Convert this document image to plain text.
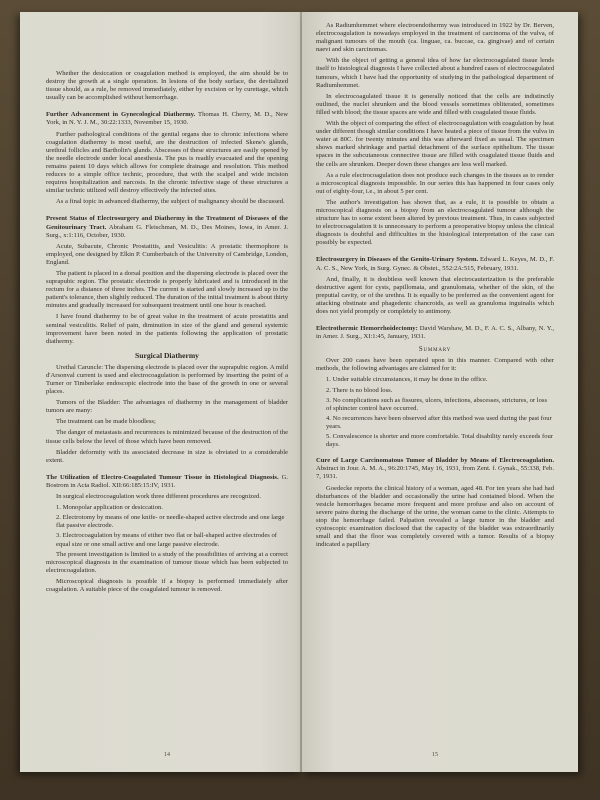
Whether the desiccation or coagulation method is employed, the aim should be to destroy the growth at a single operation. In lesions of the body surface, the devitalized tissue should, as a rule, be removed immediately, either by excision or by curettage, which usually can be accomplished without hemorrhage.

Further Advancement in Gynecological Diathermy. Thomas H. Cherry, M. D., New York, in N. Y. J. M., 30:22:1333, November 15, 1930.

Further pathological conditions of the genital organs due to chronic infections where coagulation diathermy is most useful, are the destruction of infected Skene's glands, urethral follicles and Bartholin's glands. Abscesses of these structures are easily opened by the needle electrode under local anesthesia. The pus is readily evacuated and the opening remains patent 10 days which allows for complete drainage and resolution. This method reduces to a simple office technic, procedure, that with the scalpel and wide incision requires hospitalization and narcosis. In the chronic infective stage of these structures a similar technic utilized will destroy effectively the infected sites.

As a final topic in advanced diathermy, the subject of malignancy should be discussed.

Present Status of Electrosurgery and Diathermy in the Treatment of Diseases of the Genitourinary Tract. Abraham G. Fleischman, M. D., Des Moines, Iowa, in Amer. J. Surg., x:1:116, October, 1930.

Acute, Subacute, Chronic Prostatitis, and Vesiculitis: A prostatic thermophore is employed, one designed by Elkin P. Cumberbatch of the University of Cambridge, London, England.

The patient is placed in a dorsal position and the dispersing electrode is placed over the suprapubic region. The prostatic electrode is properly lubricated and is introduced in the rectum for a distance of three inches. The current is started and slowly increased up to the patient's tolerance, then slightly reduced. The duration of the initial treatment is about thirty minutes and gradually increased for subsequent treatment until one hour is reached.

I have found diathermy to be of great value in the treatment of acute prostatitis and seminal vesiculitis. Relief of pain, diminution in size of the gland and general systemic improvement have been noted in the patients following the application of prostatic diathermy.

Surgical Diathermy

Urethal Caruncle: The dispersing electrode is placed over the suprapubic region. A mild d'Arsonval current is used and electrocoagulation is performed by inserting the point of a Turner or Timberlake endoscopic electrode into the base of the growth in one or several places.

Tumors of the Bladder: The advantages of diathermy in the management of bladder tumors are many:

The treatment can be made bloodless;

The danger of metastasis and recurrences is minimized because of the destruction of the tissue cells below the level of those which have been removed.

Bladder deformity with its associated decrease in size is obviated to a considerable extent.

The Utilization of Electro-Coagulated Tumour Tissue in Histological Diagnosis. G. Bostrom in Acta Radiol. XII:66:185:15:IV, 1931.

In surgical electrocoagulation work three different procedures are recognized.

1. Monopolar application or desiccation.
2. Electrotomy by means of one knife- or needle-shaped active electrode and one large flat passive electrode.
3. Electrocoagulation by means of either two flat or ball-shaped active electrodes of equal size or one small active and one large passive electrode.

The present investigation is limited to a study of the possibilities of arriving at a correct microscopical diagnosis in the examination of tumour tissue which has been subjected to electrocoagulation.

Microscopical diagnosis is possible if a biopsy is performed immediately after coagulation. A suitable piece of the coagulated tumour is removed.

14

As Radiumhemmet where electroendothermy was introduced in 1922 by Dr. Berven, electrocoagulation is nowadays employed in the treatment of carcinoma of the vulva, of malignant tumours of the mouth (ca. linguae, ca. buccae, ca. gingivae) and of certain naevi and skin carcinomas.

With the object of getting a general idea of how far electrocoagulated tissue lends itself to histological diagnosis I have collected about a hundred cases of electrocoagulated tumours, which I have had the opportunity of studying in the pathological department of Radiumhemmet.

In electrocoagulated tissue it is generally noticed that the cells are indistinctly outlined, the nuclei shrunken and the blood vessels sometimes obliterated, sometimes filled with blood; the tissue spaces are wide and filled with coagulated tissue fluids.

With the object of comparing the effect of electrocoagulation with coagulation by heat under different though similar conditions I have heated a piece of tissue from the vulva in water at 80C. for twenty minutes and this was afterward fixed as usual. The specimen shows marked shrinkage and partial detachment of the surface epithelium. The tissue spaces in the subcutaneous connective tissue are filled with coagulated tissue fluids and the cells are shrunken. Deeper down these changes are less well marked.

As a rule electrocoagulation does not produce such changes in the tissues as to render a microscopical diagnosis impossible. In our series this has happened in four cases only out of eighty-four, i.e., in about 5 per cent.

The author's investigation has shown that, as a rule, it is possible to obtain a microscopical diagnosis on a biopsy from an electrocoagulated tumour although the structure has to some extent been altered by previous treatment. Thus, in cases subjected to electrocoagulation it is unnecessary to perform a preoperative biopsy unless the clinical diagnosis is doubtful and difficulties in the histological interpretation of the case can possibly be expected.

Electrosurgery in Diseases of the Genito-Urinary System. Edward L. Keyes, M. D., F. A. C. S., New York, in Surg. Gynec. & Obstet., 552:2A:515, February, 1931.

And, finally, it is doubtless well known that electrocauterization is the preferable destructive agent for cysts, papillomata, and granulomata, whether of the skin, of the preputial cavity, or of the urethra. It is equally to be preferred as the convenient agent for attacking obstinate and phagedenic chancroids, as well as granuloma inguinalis which does not yield promptly or completely to antimony.

Electrothermic Hemorrhoidectomy: David Warshaw, M. D., F. A. C. S., Albany, N. Y., in Amer. J. Surg., XI:1:45, January, 1931.

Summary

Over 200 cases have been operated upon in this manner. Compared with other methods, the following advantages are claimed for it:

1. Under suitable circumstances, it may be done in the office.
2. There is no blood loss.
3. No complications such as fissures, ulcers, infections, abscesses, strictures, or loss of sphincter control have occurred.
4. No recurrences have been observed after this method was used during the past four years.
5. Convalescence is shorter and more comfortable. Total disability rarely exceeds four days.

Cure of Large Carcinomatous Tumor of Bladder by Means of Electrocoagulation. Abstract in Jour. A. M. A., 96:20:1745, May 16, 1931, from Zent. f. Gynak., 55:338, Feb. 7, 1931.

Goedecke reports the clinical history of a woman, aged 48. For ten years she had had disturbances of the bladder and occasionally the urine had contained blood. When the vesicle hemorrhages became more frequent and more profuse and also on account of severe pains during the discharge of the urine, the woman came to the clinic. Attempts to stop the hemorrhage failed. Palpation revealed a large tumor in the bladder and cystoscopic examination disclosed that the capacity of the bladder was extraordinarily small and that the floor was completely covered with a tumor. Results of a biopsy indicated a papillary

15
